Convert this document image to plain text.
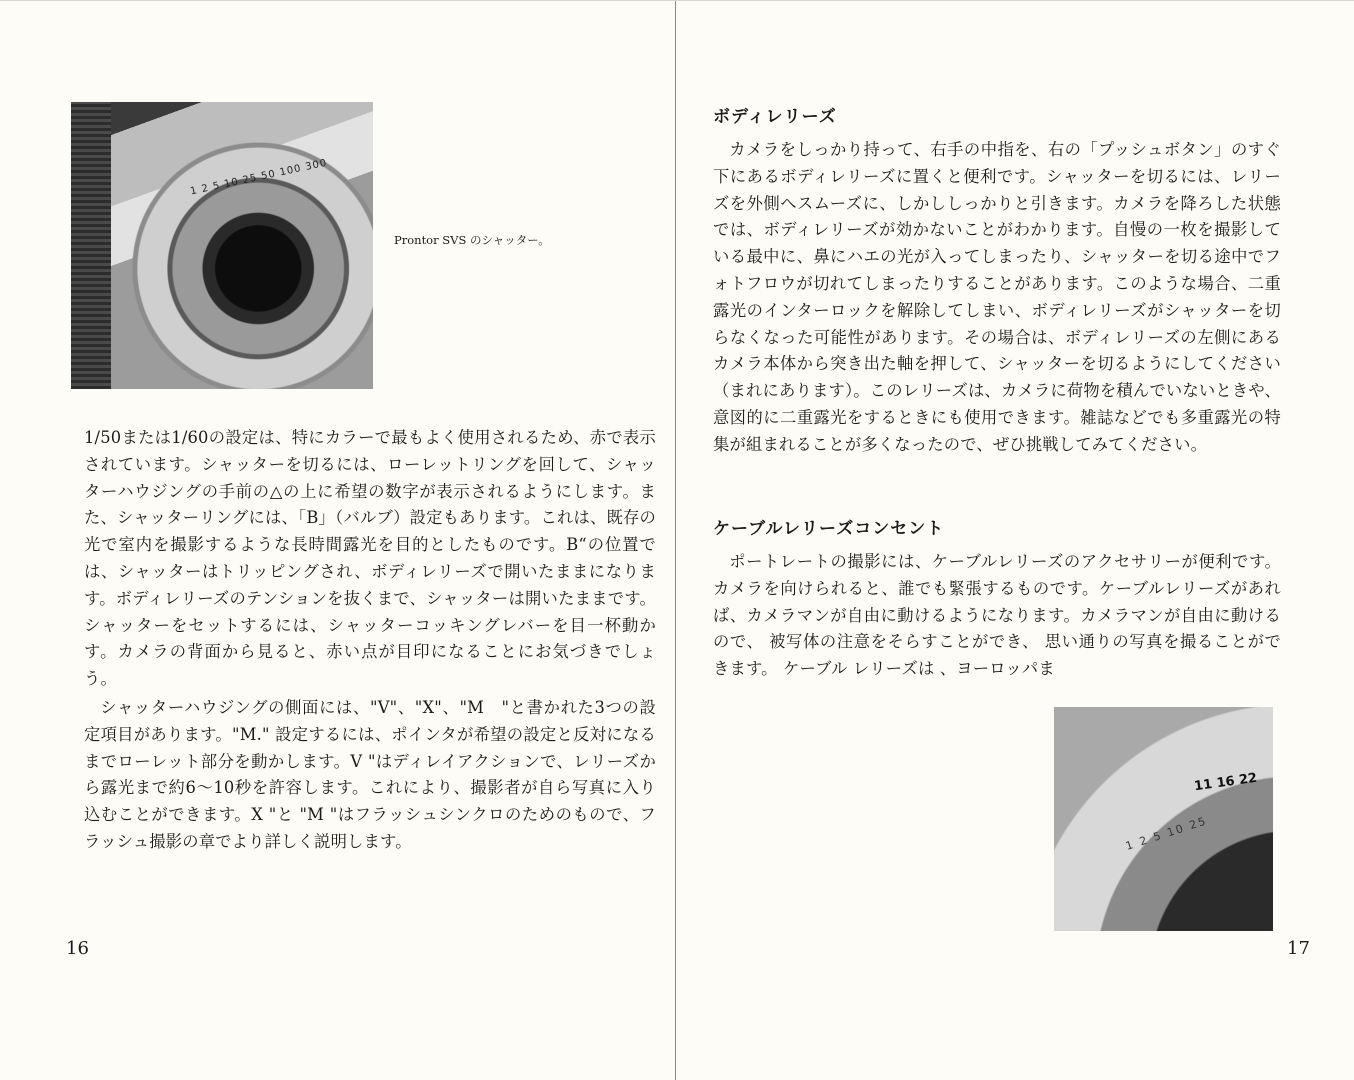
1 2 5 10 25 50 100 300
Prontor SVS のシャッター。

1/50または1/60の設定は、特にカラーで最もよく使用されるため、赤で表示されています。シャッターを切るには、ローレットリングを回して、シャッターハウジングの手前の△の上に希望の数字が表示されるようにします。また、シャッターリングには、「B」（バルブ）設定もあります。これは、既存の光で室内を撮影するような長時間露光を目的としたものです。B“の位置では、シャッターはトリッピングされ、ボディレリーズで開いたままになります。ボディレリーズのテンションを抜くまで、シャッターは開いたままです。シャッターをセットするには、シャッターコッキングレバーを目一杯動かす。カメラの背面から見ると、赤い点が目印になることにお気づきでしょう。

シャッターハウジングの側面には、"V"、"X"、"M　"と書かれた3つの設定項目があります。"M." 設定するには、ポインタが希望の設定と反対になるまでローレット部分を動かします。V "はディレイアクションで、レリーズから露光まで約6〜10秒を許容します。これにより、撮影者が自ら写真に入り込むことができます。X "と "M "はフラッシュシンクロのためのもので、フラッシュ撮影の章でより詳しく説明します。

16
ボディレリーズ

カメラをしっかり持って、右手の中指を、右の「プッシュボタン」のすぐ下にあるボディレリーズに置くと便利です。シャッターを切るには、レリーズを外側へスムーズに、しかししっかりと引きます。カメラを降ろした状態では、ボディレリーズが効かないことがわかります。自慢の一枚を撮影している最中に、鼻にハエの光が入ってしまったり、シャッターを切る途中でフォトフロウが切れてしまったりすることがあります。このような場合、二重露光のインターロックを解除してしまい、ボディレリーズがシャッターを切らなくなった可能性があります。その場合は、ボディレリーズの左側にあるカメラ本体から突き出た軸を押して、シャッターを切るようにしてください（まれにあります）。このレリーズは、カメラに荷物を積んでいないときや、意図的に二重露光をするときにも使用できます。雑誌などでも多重露光の特集が組まれることが多くなったので、ぜひ挑戦してみてください。

ケーブルレリーズコンセント

ポートレートの撮影には、ケーブルレリーズのアクセサリーが便利です。カメラを向けられると、誰でも緊張するものです。ケーブルレリーズがあれば、カメラマンが自由に動けるようになります。カメラマンが自由に動けるので、 被写体の注意をそらすことができ、 思い通りの写真を撮ることができます。 ケーブル レリーズは 、ヨーロッパま

11 16 22 1 2 5 10 25
17
